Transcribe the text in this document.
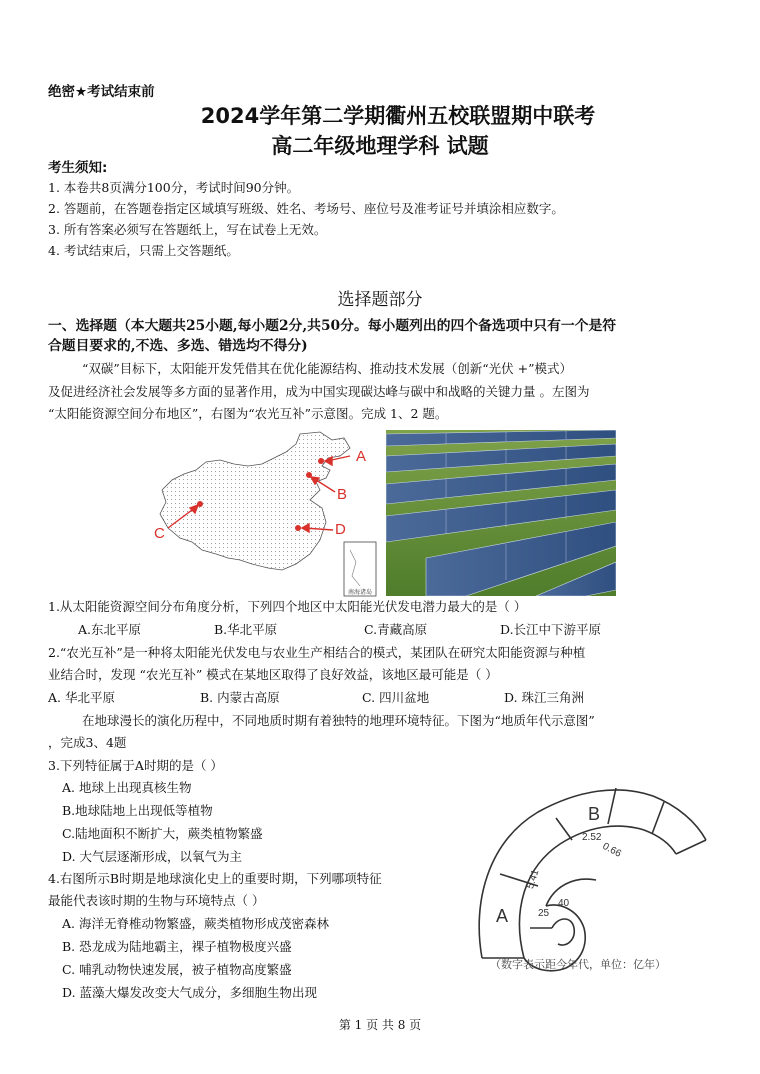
绝密★考试结束前
2024学年第二学期衢州五校联盟期中联考
高二年级地理学科 试题
考生须知:
1. 本卷共8页满分100分，考试时间90分钟。
2. 答题前，在答题卷指定区域填写班级、姓名、考场号、座位号及准考证号并填涂相应数字。
3. 所有答案必须写在答题纸上，写在试卷上无效。
4. 考试结束后，只需上交答题纸。
选择题部分
一、选择题（本大题共25小题,每小题2分,共50分。每小题列出的四个备选项中只有一个是符
合题目要求的,不选、多选、错选均不得分)
“双碳”目标下，太阳能开发凭借其在优化能源结构、推动技术发展（创新“光伏 +”模式）
及促进经济社会发展等多方面的显著作用，成为中国实现碳达峰与碳中和战略的关键力量 。左图为
“太阳能资源空间分布地区”，右图为“农光互补”示意图。完成 1、2 题。
南海诸岛
A
B
C	D
1.从太阳能资源空间分布角度分析，下列四个地区中太阳能光伏发电潜力最大的是（ ）
A.东北平原	B.华北平原	C.青藏高原	D.长江中下游平原
2.“农光互补”是一种将太阳能光伏发电与农业生产相结合的模式，某团队在研究太阳能资源与种植
业结合时，发现 “农光互补” 模式在某地区取得了良好效益，该地区最可能是（ ）
A. 华北平原	B. 内蒙古高原	C. 四川盆地	D. 珠江三角洲
在地球漫长的演化历程中，不同地质时期有着独特的地理环境特征。下图为“地质年代示意图”
，完成3、4题
3.下列特征属于A时期的是（ ）
A. 地球上出现真核生物
B.地球陆地上出现低等植物
C.陆地面积不断扩大，蕨类植物繁盛
D. 大气层逐渐形成，以氧气为主
4.右图所示B时期是地球演化史上的重要时期，下列哪项特征
最能代表该时期的生物与环境特点（ ）
A. 海洋无脊椎动物繁盛，蕨类植物形成茂密森林
B. 恐龙成为陆地霸主，裸子植物极度兴盛
C. 哺乳动物快速发展，被子植物高度繁盛
D. 蓝藻大爆发改变大气成分，多细胞生物出现
B
A
2.52
0.66
5.41
40
25
（数字表示距今年代，单位：亿年）
第 1 页 共 8 页
